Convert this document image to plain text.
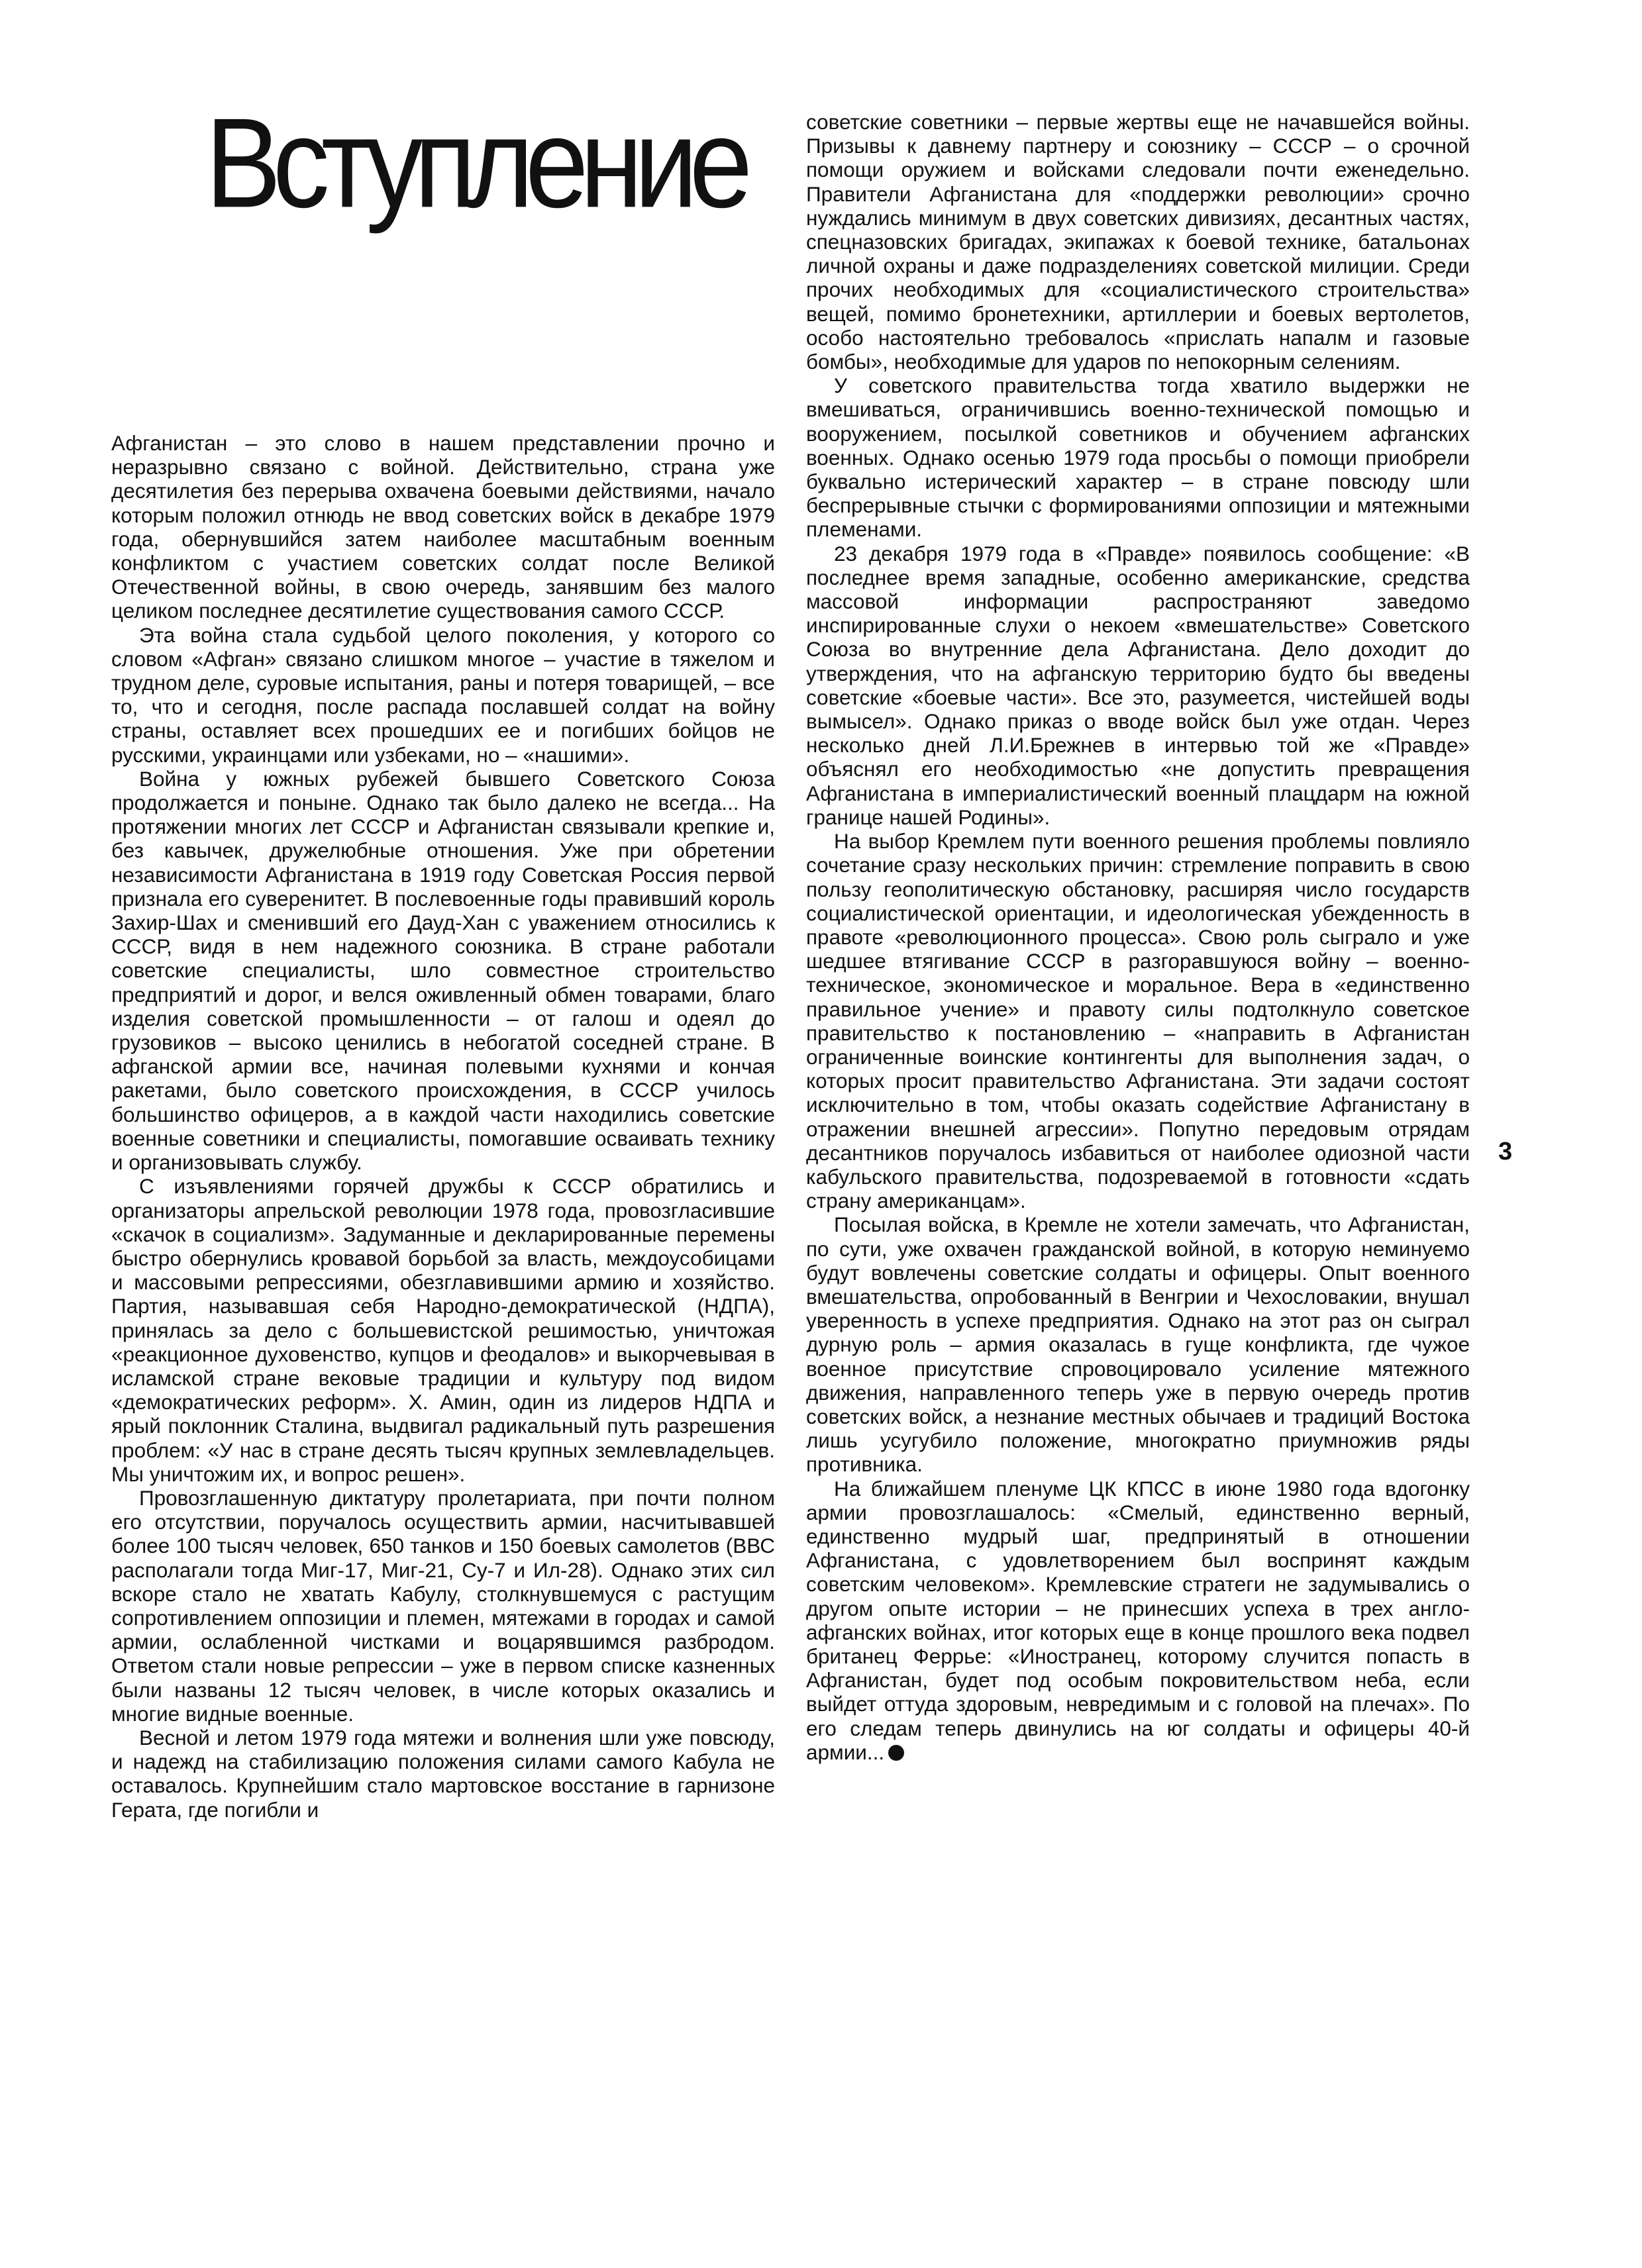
Вступление

Афганистан – это слово в нашем представлении прочно и неразрывно связано с войной. Действительно, страна уже десятилетия без перерыва охвачена боевыми действиями, начало которым положил отнюдь не ввод советских войск в декабре 1979 года, обернувшийся затем наиболее масштабным военным конфликтом с участием советских солдат после Великой Отечественной войны, в свою очередь, занявшим без малого целиком последнее десятилетие существования самого СССР.

Эта война стала судьбой целого поколения, у которого со словом «Афган» связано слишком многое – участие в тяжелом и трудном деле, суровые испытания, раны и потеря товарищей, – все то, что и сегодня, после распада пославшей солдат на войну страны, оставляет всех прошедших ее и погибших бойцов не русскими, украинцами или узбеками, но – «нашими».

Война у южных рубежей бывшего Советского Союза продолжается и поныне. Однако так было далеко не всегда... На протяжении многих лет СССР и Афганистан связывали крепкие и, без кавычек, дружелюбные отношения. Уже при обретении независимости Афганистана в 1919 году Советская Россия первой признала его суверенитет. В послевоенные годы правивший король Захир-Шах и сменивший его Дауд-Хан с уважением относились к СССР, видя в нем надежного союзника. В стране работали советские специалисты, шло совместное строительство предприятий и дорог, и велся оживленный обмен товарами, благо изделия советской промышленности – от галош и одеял до грузовиков – высоко ценились в небогатой соседней стране. В афганской армии все, начиная полевыми кухнями и кончая ракетами, было советского происхождения, в СССР училось большинство офицеров, а в каждой части находились советские военные советники и специалисты, помогавшие осваивать технику и организовывать службу.

С изъявлениями горячей дружбы к СССР обратились и организаторы апрельской революции 1978 года, провозгласившие «скачок в социализм». Задуманные и декларированные перемены быстро обернулись кровавой борьбой за власть, междоусобицами и массовыми репрессиями, обезглавившими армию и хозяйство. Партия, называвшая себя Народно-демократической (НДПА), принялась за дело с большевистской решимостью, уничтожая «реакционное духовенство, купцов и феодалов» и выкорчевывая в исламской стране вековые традиции и культуру под видом «демократических реформ». Х. Амин, один из лидеров НДПА и ярый поклонник Сталина, выдвигал радикальный путь разрешения проблем: «У нас в стране десять тысяч крупных землевладельцев. Мы уничтожим их, и вопрос решен».

Провозглашенную диктатуру пролетариата, при почти полном его отсутствии, поручалось осуществить армии, насчитывавшей более 100 тысяч человек, 650 танков и 150 боевых самолетов (ВВС располагали тогда Миг-17, Миг-21, Су-7 и Ил-28). Однако этих сил вскоре стало не хватать Кабулу, столкнувшемуся с растущим сопротивлением оппозиции и племен, мятежами в городах и самой армии, ослабленной чистками и воцарявшимся разбродом. Ответом стали новые репрессии – уже в первом списке казненных были названы 12 тысяч человек, в числе которых оказались и многие видные военные.

Весной и летом 1979 года мятежи и волнения шли уже повсюду, и надежд на стабилизацию положения силами самого Кабула не оставалось. Крупнейшим стало мартовское восстание в гарнизоне Герата, где погибли и

советские советники – первые жертвы еще не начавшейся войны. Призывы к давнему партнеру и союзнику – СССР – о срочной помощи оружием и войсками следовали почти еженедельно. Правители Афганистана для «поддержки революции» срочно нуждались минимум в двух советских дивизиях, десантных частях, спецназовских бригадах, экипажах к боевой технике, батальонах личной охраны и даже подразделениях советской милиции. Среди прочих необходимых для «социалистического строительства» вещей, помимо бронетехники, артиллерии и боевых вертолетов, особо настоятельно требовалось «прислать напалм и газовые бомбы», необходимые для ударов по непокорным селениям.

У советского правительства тогда хватило выдержки не вмешиваться, ограничившись военно-технической помощью и вооружением, посылкой советников и обучением афганских военных. Однако осенью 1979 года просьбы о помощи приобрели буквально истерический характер – в стране повсюду шли беспрерывные стычки с формированиями оппозиции и мятежными племенами.

23 декабря 1979 года в «Правде» появилось сообщение: «В последнее время западные, особенно американские, средства массовой информации распространяют заведомо инспирированные слухи о некоем «вмешательстве» Советского Союза во внутренние дела Афганистана. Дело доходит до утверждения, что на афганскую территорию будто бы введены советские «боевые части». Все это, разумеется, чистейшей воды вымысел». Однако приказ о вводе войск был уже отдан. Через несколько дней Л.И.Брежнев в интервью той же «Правде» объяснял его необходимостью «не допустить превращения Афганистана в империалистический военный плацдарм на южной границе нашей Родины».

На выбор Кремлем пути военного решения проблемы повлияло сочетание сразу нескольких причин: стремление поправить в свою пользу геополитическую обстановку, расширяя число государств социалистической ориентации, и идеологическая убежденность в правоте «революционного процесса». Свою роль сыграло и уже шедшее втягивание СССР в разгоравшуюся войну – военно-техническое, экономическое и моральное. Вера в «единственно правильное учение» и правоту силы подтолкнуло советское правительство к постановлению – «направить в Афганистан ограниченные воинские контингенты для выполнения задач, о которых просит правительство Афганистана. Эти задачи состоят исключительно в том, чтобы оказать содействие Афганистану в отражении внешней агрессии». Попутно передовым отрядам десантников поручалось избавиться от наиболее одиозной части кабульского правительства, подозреваемой в готовности «сдать страну американцам».

Посылая войска, в Кремле не хотели замечать, что Афганистан, по сути, уже охвачен гражданской войной, в которую неминуемо будут вовлечены советские солдаты и офицеры. Опыт военного вмешательства, опробованный в Венгрии и Чехословакии, внушал уверенность в успехе предприятия. Однако на этот раз он сыграл дурную роль – армия оказалась в гуще конфликта, где чужое военное присутствие спровоцировало усиление мятежного движения, направленного теперь уже в первую очередь против советских войск, а незнание местных обычаев и традиций Востока лишь усугубило положение, многократно приумножив ряды противника.

На ближайшем пленуме ЦК КПСС в июне 1980 года вдогонку армии провозглашалось: «Смелый, единственно верный, единственно мудрый шаг, предпринятый в отношении Афганистана, с удовлетворением был воспринят каждым советским человеком». Кремлевские стратеги не задумывались о другом опыте истории – не принесших успеха в трех англо-афганских войнах, итог которых еще в конце прошлого века подвел британец Феррье: «Иностранец, которому случится попасть в Афганистан, будет под особым покровительством неба, если выйдет оттуда здоровым, невредимым и с головой на плечах». По его следам теперь двинулись на юг солдаты и офицеры 40-й армии...

3
